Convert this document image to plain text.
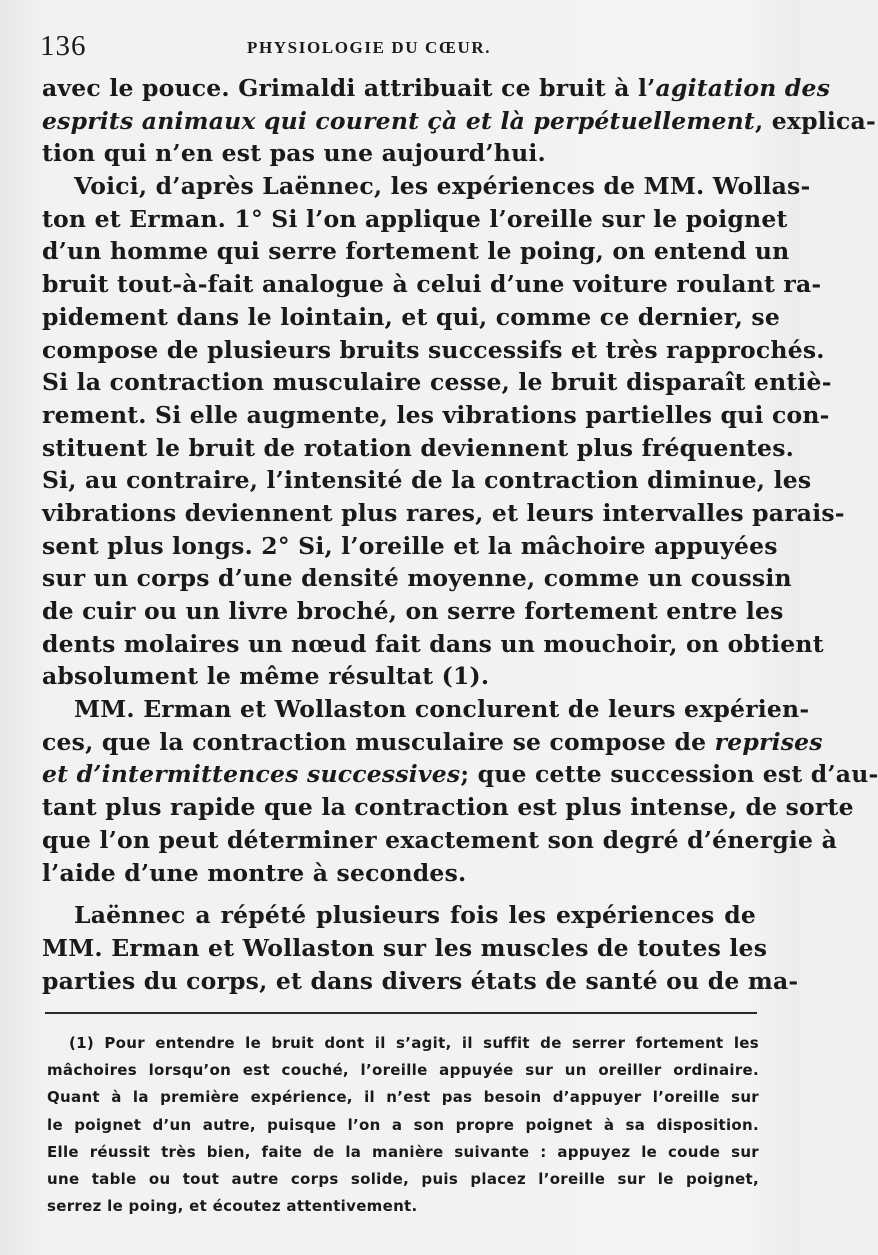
136	PHYSIOLOGIE DU CŒUR.
avec le pouce. Grimaldi attribuait ce bruit à l’agitation des
esprits animaux qui courent çà et là perpétuellement, explica-
tion qui n’en est pas une aujourd’hui.
Voici, d’après Laënnec, les expériences de MM. Wollas-
ton et Erman. 1° Si l’on applique l’oreille sur le poignet
d’un homme qui serre fortement le poing, on entend un
bruit tout-à-fait analogue à celui d’une voiture roulant ra-
pidement dans le lointain, et qui, comme ce dernier, se
compose de plusieurs bruits successifs et très rapprochés.
Si la contraction musculaire cesse, le bruit disparaît entiè-
rement. Si elle augmente, les vibrations partielles qui con-
stituent le bruit de rotation deviennent plus fréquentes.
Si, au contraire, l’intensité de la contraction diminue, les
vibrations deviennent plus rares, et leurs intervalles parais-
sent plus longs. 2° Si, l’oreille et la mâchoire appuyées
sur un corps d’une densité moyenne, comme un coussin
de cuir ou un livre broché, on serre fortement entre les
dents molaires un nœud fait dans un mouchoir, on obtient
absolument le même résultat (1).
MM. Erman et Wollaston conclurent de leurs expérien-
ces, que la contraction musculaire se compose de reprises
et d’intermittences successives; que cette succession est d’au-
tant plus rapide que la contraction est plus intense, de sorte
que l’on peut déterminer exactement son degré d’énergie à
l’aide d’une montre à secondes.
Laënnec a répété plusieurs fois les expériences de
MM. Erman et Wollaston sur les muscles de toutes les
parties du corps, et dans divers états de santé ou de ma-
(1) Pour entendre le bruit dont il s’agit, il suffit de serrer fortement les
mâchoires lorsqu’on est couché, l’oreille appuyée sur un oreiller ordinaire.
Quant à la première expérience, il n’est pas besoin d’appuyer l’oreille sur
le poignet d’un autre, puisque l’on a son propre poignet à sa disposition.
Elle réussit très bien, faite de la manière suivante : appuyez le coude sur
une table ou tout autre corps solide, puis placez l’oreille sur le poignet,
serrez le poing, et écoutez attentivement.
